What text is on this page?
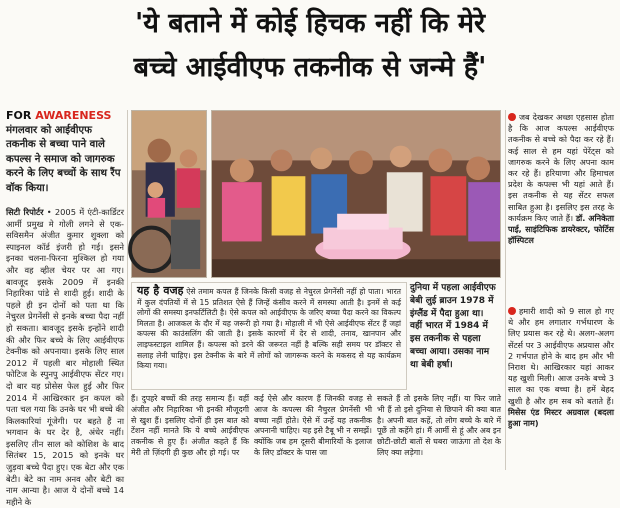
'ये बताने में कोई हिचक नहीं कि मेरे
बच्चे आईवीएफ तकनीक से जन्मे हैं'
FOR AWARENESS
मंगलवार को आईवीएफ तकनीक से बच्चा पाने वाले कपल्स ने समाज को जागरुक करने के लिए बच्चों के साथ रैंप वॉक किया।
सिटी रिपोर्टर • 2005 में एंटी-कार्डिटर आर्मी प्रमुख मे गोली लगने से एक-सविसमैन अंजीत कुमार शुक्ला को स्पाइनल कॉर्ड इंजरी हो गई। इसने इनका चलना-फिरना मुश्किल हो गया और वह व्हील चेयर पर आ गए। बावजूद इसके 2009 में इनकी निहारिका पांडे से शादी हुई। शादी के पहले ही इन दोनों को पता था कि नेचुरल प्रेगनेंसी से इनके बच्चा पैदा नहीं हो सकता। बावजूद इसके इन्होंने शादी की और फिर बच्चे के लिए आईवीएफ टेक्नीक को अपनाया। इसके लिए साल 2012 में पहली बार मोहाली स्थित फोटिज के स्पुनपु आईवीएफ सेंटर गए। दो बार यह प्रोसेस फेल हुई और फिर 2014 में आखिरकार इन कपल को पता चल गया कि उनके घर भी बच्चे की किलकारियां गूंजेगी। पर बहते हैं ना भगवान के घर देर है, अंधेर नहीं। इसलिए तीन साल को कोशिश के बाद सितंबर 15, 2015 को इनके घर जुड़वा बच्चे पैदा हुए। एक बेटा और एक बेटी। बेटे का नाम अनव और बेटी का नाम आन्या है। आज ये दोनों बच्चे 14 महीने के
यह है वजह ऐसे तमाम कपल हैं जिनके किसी वजह से नेचुरल प्रेगनेंसी नहीं हो पाता। भारत में कुल दंपतियों में से 15 प्रतिशत ऐसे हैं जिन्हें कंसीव करने में समस्या आती है। इनमें से कई लोगों की समस्या इनफर्टिलिटी है। ऐसे कपल को आईवीएफ के जरिए बच्चा पैदा करने का विकल्प मिलता है। आजकल के दौर में यह जरूरी हो गया है। मोहाली में भी ऐसे आईवीएफ सेंटर हैं जहां कपल्स की काउंसलिंग की जाती है। इसके कारणों में देर से शादी, तनाव, खानपान और लाइफस्टाइल शामिल हैं। कपल्स को डरने की जरूरत नहीं है बल्कि सही समय पर डॉक्टर से सलाह लेनी चाहिए। इस टेक्नीक के बारे में लोगों को जागरूक करने के मकसद से यह कार्यक्रम किया गया।
दुनिया में पहला आईवीएफ बेबी लुई ब्राउन 1978 में इंग्लैंड में पैदा हुआ था। वहीं भारत में 1984 में इस तकनीक से पहला बच्चा आया। उसका नाम था बेबी हर्षा।
हैं। दुपहरे बच्चों की तरह समान्य हैं। वहीं अंजीत और निहारिका भी इनकी मौजूदगी से खुश हैं। इसलिए दोनों ही इस बात को टेंशन नहीं मानते कि ये बच्चे आईवीएफ तकनीक से हुए हैं। अंजीत कहते हैं कि मेरी तो ज़िंदगी ही कुछ और हो गई। पर
कई ऐसे और कारण हैं जिनकी वजह से आज के कपल्स की नैचुरल प्रेगनेंसी भी बच्चा नहीं होते। ऐसे में उन्हें यह तकनीक अपनानी चाहिए। यह इसे टैबू भी न समझें। क्योंकि जब हम दूसरी बीमारियों के इलाज के लिए डॉक्टर के पास जा
सकते हैं तो इसके लिए नहीं। या फिर जाते भी हैं तो इसे दुनिया से छिपाने की क्या बात है। अपनी बात कहें, तो लोग बच्चे के बारे में पूछें तो कहेंगे हां। मैं आर्मी से हूं और अब इन छोटी-छोटी बातों से घबरा जाऊंगा तो देश के लिए क्या लड़ेगा।
जब देखकर अच्छा एहसास होता है कि आज कपल्स आईवीएफ तकनीक से बच्चे को पैदा कर रहे हैं। कई साल से हम यहां पेरेंट्स को जागरुक करने के लिए अपना काम कर रहे हैं। हरियाणा और हिमाचल प्रदेश के कपल्स भी यहां आते हैं। इस तकनीक से यह सेंटर सफल साबित हुआ है। इसलिए इस तरह के कार्यक्रम किए जाते हैं। डॉ. अनिकेता पाई, साइंटिफिक डायरेक्टर, फोर्टिस हॉस्पिटल
हमारी शादी को 9 साल हो गए थे और हम लगातार गर्भधारण के लिए प्रयास कर रहे थे। अलग-अलग सेंटर्स पर 3 आईवीएफ अप्रयास और 2 गर्भपात होने के बाद हम और भी निराश थे। आखिरकार यहां आकर यह खुशी मिली। आज उनके बच्चे 3 साल का एक बच्चा है। हमें बेहद खुशी है और हम सब को बताते हैं। मिसेस एंड मिस्टर अग्रवाल (बदला हुआ नाम)
